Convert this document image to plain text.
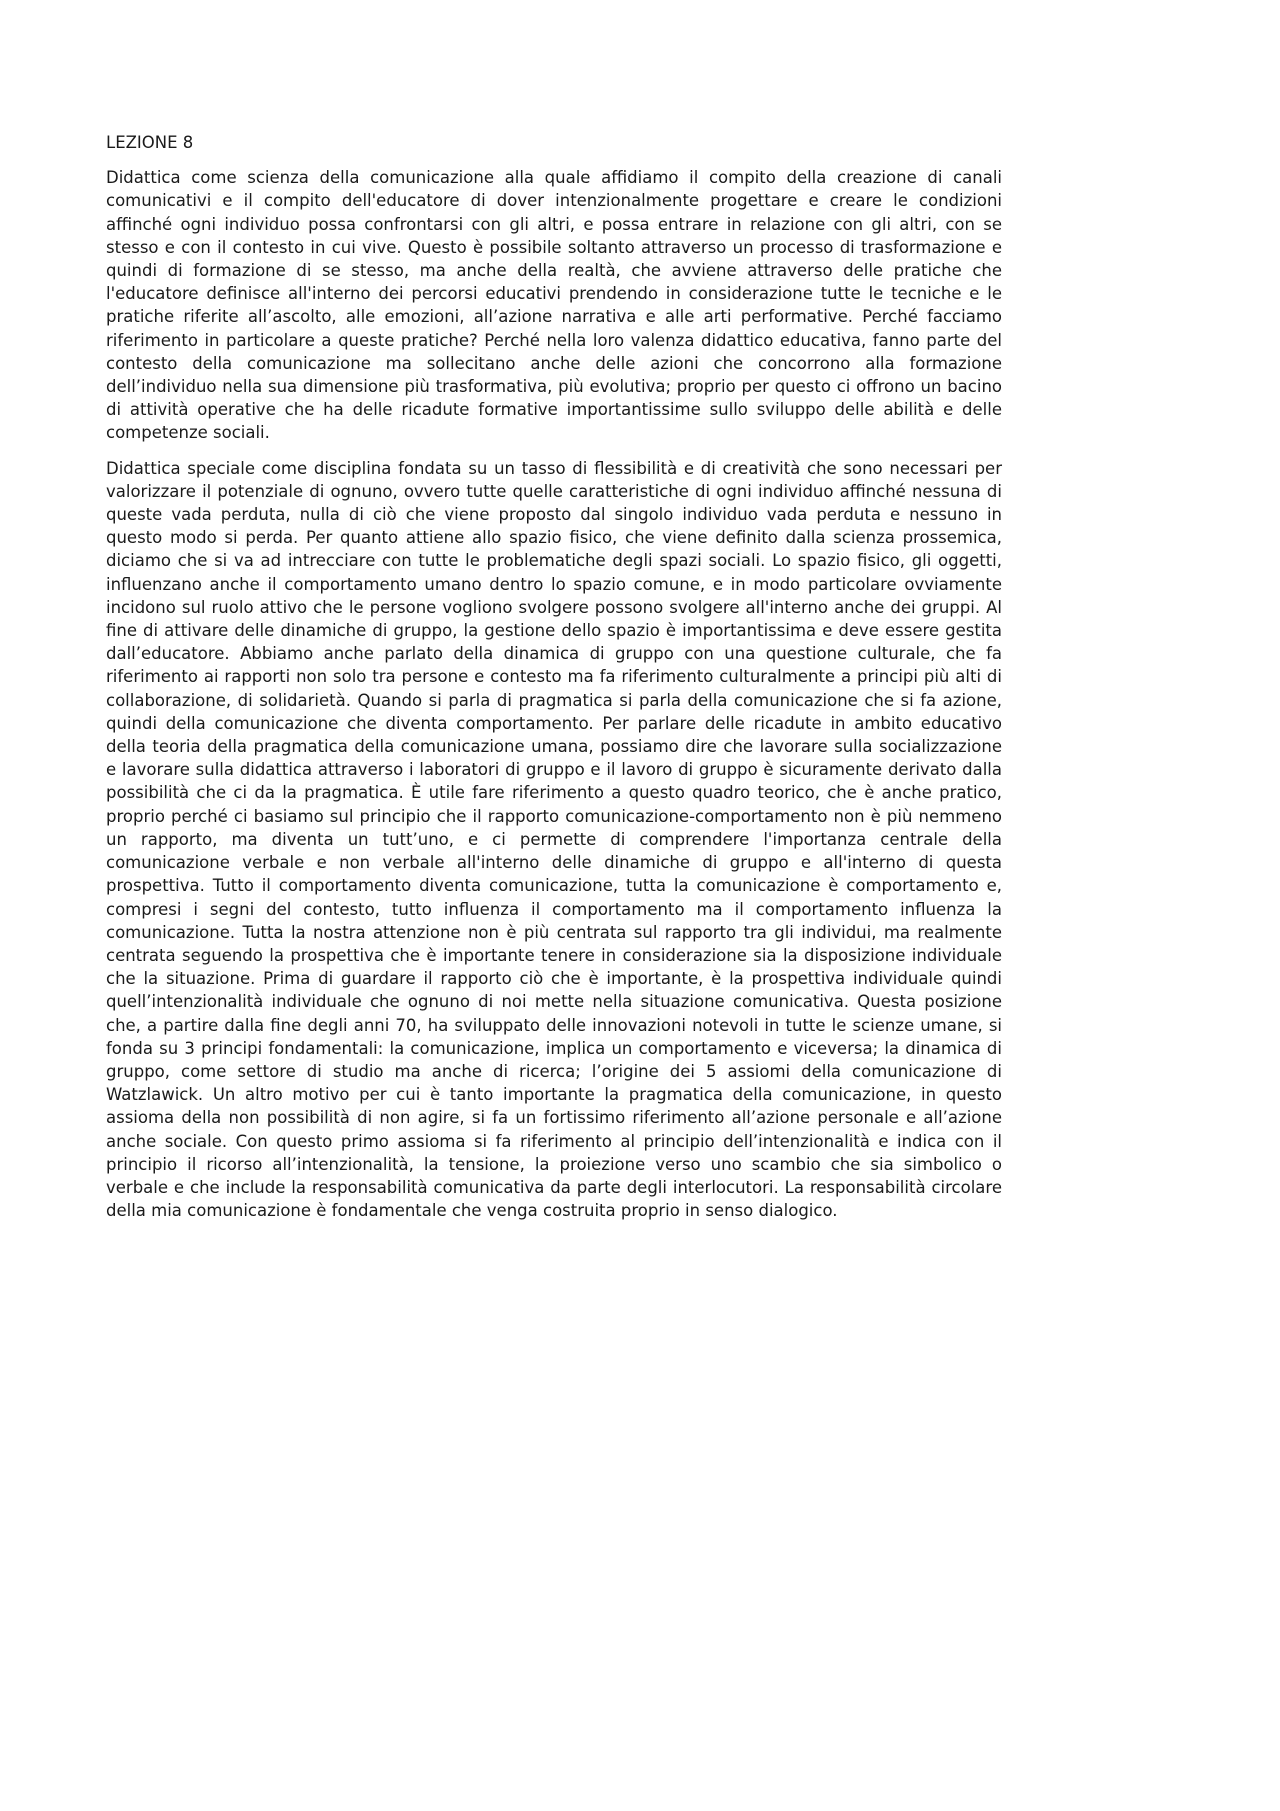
LEZIONE 8

Didattica come scienza della comunicazione alla quale affidiamo il compito della creazione di canali comunicativi e il compito dell'educatore di dover intenzionalmente progettare e creare le condizioni affinché ogni individuo possa confrontarsi con gli altri, e possa entrare in relazione con gli altri, con se stesso e con il contesto in cui vive. Questo è possibile soltanto attraverso un processo di trasformazione e quindi di formazione di se stesso, ma anche della realtà, che avviene attraverso delle pratiche che l'educatore definisce all'interno dei percorsi educativi prendendo in considerazione tutte le tecniche e le pratiche riferite all’ascolto, alle emozioni, all’azione narrativa e alle arti performative. Perché facciamo riferimento in particolare a queste pratiche? Perché nella loro valenza didattico educativa, fanno parte del contesto della comunicazione ma sollecitano anche delle azioni che concorrono alla formazione dell’individuo nella sua dimensione più trasformativa, più evolutiva; proprio per questo ci offrono un bacino di attività operative che ha delle ricadute formative importantissime sullo sviluppo delle abilità e delle competenze sociali.

Didattica speciale come disciplina fondata su un tasso di flessibilità e di creatività che sono necessari per valorizzare il potenziale di ognuno, ovvero tutte quelle caratteristiche di ogni individuo affinché nessuna di queste vada perduta, nulla di ciò che viene proposto dal singolo individuo vada perduta e nessuno in questo modo si perda. Per quanto attiene allo spazio fisico, che viene definito dalla scienza prossemica, diciamo che si va ad intrecciare con tutte le problematiche degli spazi sociali. Lo spazio fisico, gli oggetti, influenzano anche il comportamento umano dentro lo spazio comune, e in modo particolare ovviamente incidono sul ruolo attivo che le persone vogliono svolgere possono svolgere all'interno anche dei gruppi. Al fine di attivare delle dinamiche di gruppo, la gestione dello spazio è importantissima e deve essere gestita dall’educatore. Abbiamo anche parlato della dinamica di gruppo con una questione culturale, che fa riferimento ai rapporti non solo tra persone e contesto ma fa riferimento culturalmente a principi più alti di collaborazione, di solidarietà. Quando si parla di pragmatica si parla della comunicazione che si fa azione, quindi della comunicazione che diventa comportamento. Per parlare delle ricadute in ambito educativo della teoria della pragmatica della comunicazione umana, possiamo dire che lavorare sulla socializzazione e lavorare sulla didattica attraverso i laboratori di gruppo e il lavoro di gruppo è sicuramente derivato dalla possibilità che ci da la pragmatica. È utile fare riferimento a questo quadro teorico, che è anche pratico, proprio perché ci basiamo sul principio che il rapporto comunicazione-comportamento non è più nemmeno un rapporto, ma diventa un tutt’uno, e ci permette di comprendere l'importanza centrale della comunicazione verbale e non verbale all'interno delle dinamiche di gruppo e all'interno di questa prospettiva. Tutto il comportamento diventa comunicazione, tutta la comunicazione è comportamento e, compresi i segni del contesto, tutto influenza il comportamento ma il comportamento influenza la comunicazione. Tutta la nostra attenzione non è più centrata sul rapporto tra gli individui, ma realmente centrata seguendo la prospettiva che è importante tenere in considerazione sia la disposizione individuale che la situazione. Prima di guardare il rapporto ciò che è importante, è la prospettiva individuale quindi quell’intenzionalità individuale che ognuno di noi mette nella situazione comunicativa. Questa posizione che, a partire dalla fine degli anni 70, ha sviluppato delle innovazioni notevoli in tutte le scienze umane, si fonda su 3 principi fondamentali: la comunicazione, implica un comportamento e viceversa; la dinamica di gruppo, come settore di studio ma anche di ricerca; l’origine dei 5 assiomi della comunicazione di Watzlawick. Un altro motivo per cui è tanto importante la pragmatica della comunicazione, in questo assioma della non possibilità di non agire, si fa un fortissimo riferimento all’azione personale e all’azione anche sociale. Con questo primo assioma si fa riferimento al principio dell’intenzionalità e indica con il principio il ricorso all’intenzionalità, la tensione, la proiezione verso uno scambio che sia simbolico o verbale e che include la responsabilità comunicativa da parte degli interlocutori. La responsabilità circolare della mia comunicazione è fondamentale che venga costruita proprio in senso dialogico.
